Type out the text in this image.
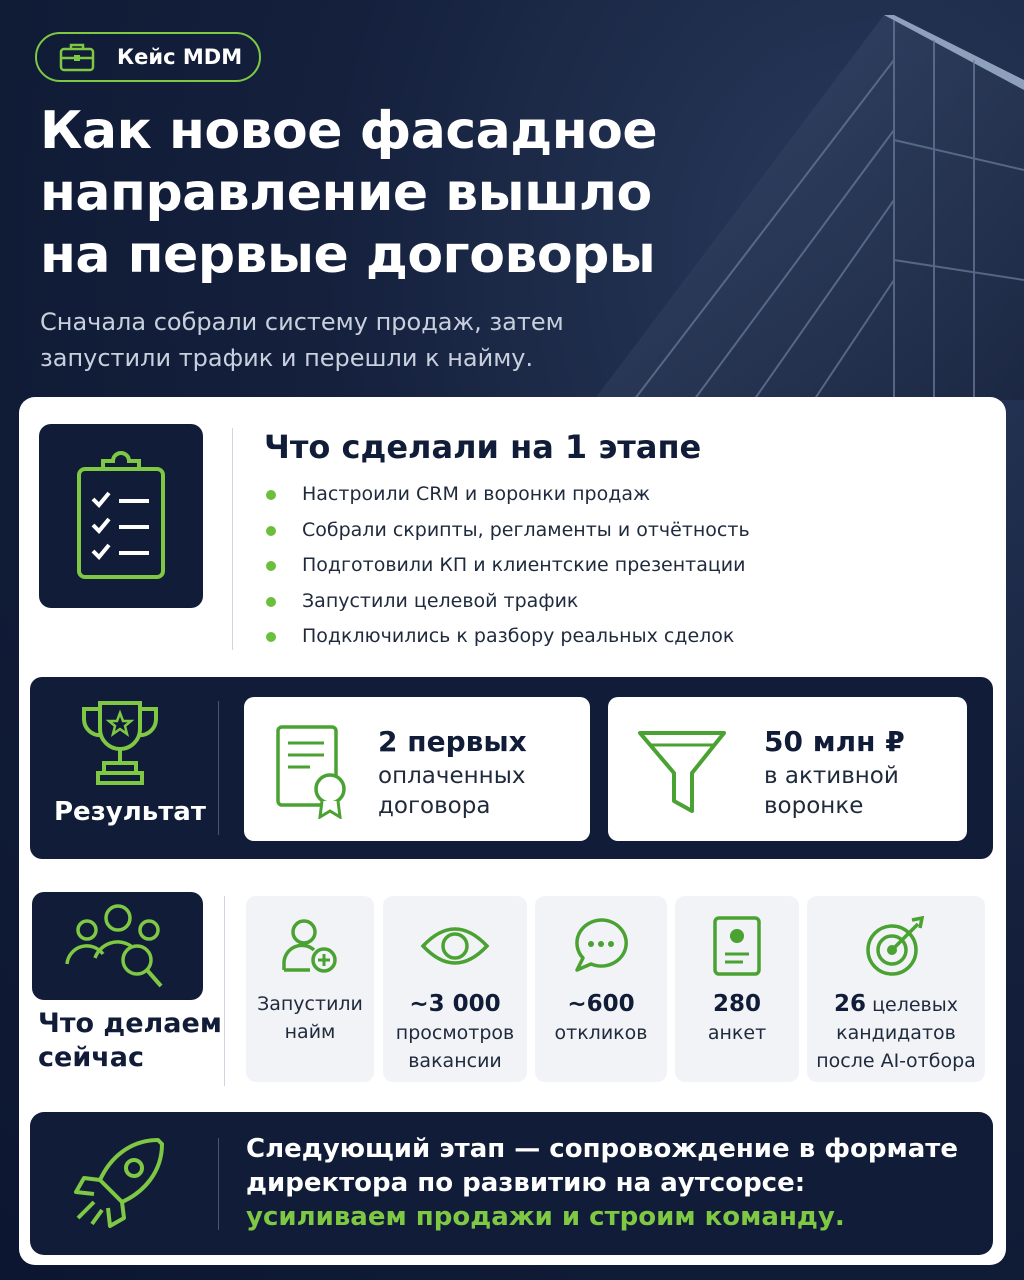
Кейс MDM
Как новое фасадное
направление вышло
на первые договоры

Сначала собрали систему продаж, затем
запустили трафик и перешли к найму.

Что сделали на 1 этапе
Настроили CRM и воронки продаж
Собрали скрипты, регламенты и отчётность
Подготовили КП и клиентские презентации
Запустили целевой трафик
Подключились к разбору реальных сделок
Результат
2 первых
оплаченных
договора
50 млн ₽
в активной
воронке
Что делаем
сейчас
Запустили
найм
~3 000
просмотров
вакансии
~600
откликов
280
анкет
26 целевых
кандидатов
после AI-отбора

Следующий этап — сопровождение в формате директора по развитию на аутсорсе: усиливаем продажи и строим команду.
